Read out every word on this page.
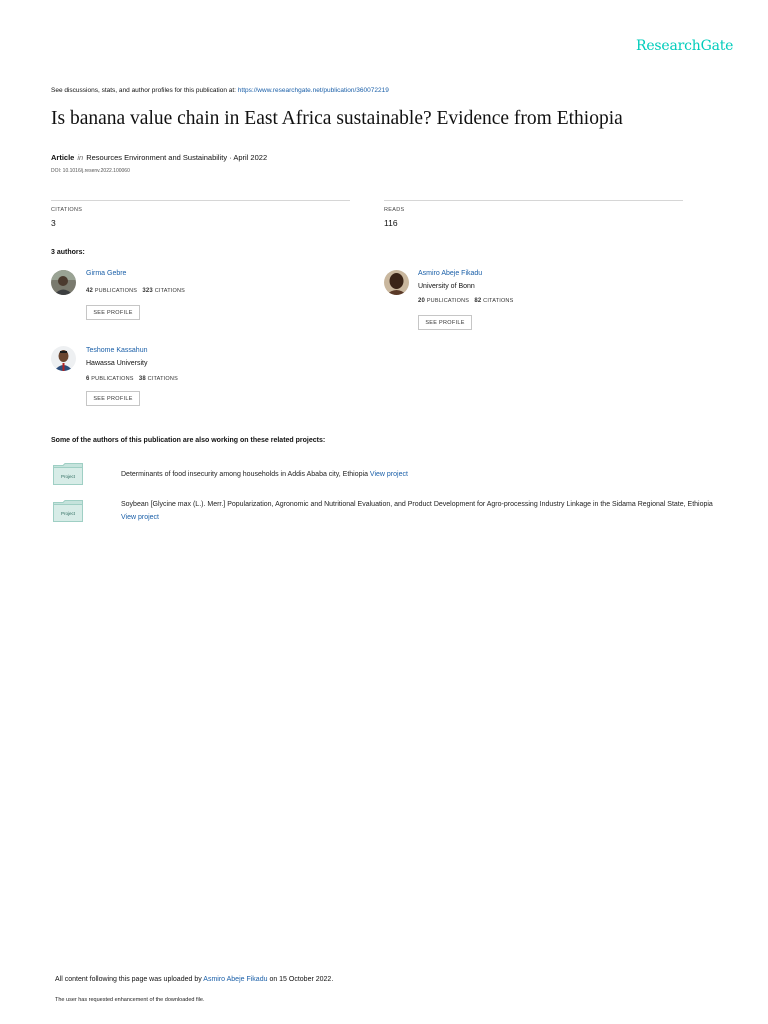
ResearchGate
See discussions, stats, and author profiles for this publication at: https://www.researchgate.net/publication/360072219
Is banana value chain in East Africa sustainable? Evidence from Ethiopia
Article in Resources Environment and Sustainability · April 2022
DOI: 10.1016/j.resenv.2022.100060
CITATIONS
3
READS
116
3 authors:
Girma Gebre
42 PUBLICATIONS 323 CITATIONS
SEE PROFILE
Asmiro Abeje Fikadu
University of Bonn
20 PUBLICATIONS 82 CITATIONS
SEE PROFILE
Teshome Kassahun
Hawassa University
6 PUBLICATIONS 38 CITATIONS
SEE PROFILE
Some of the authors of this publication are also working on these related projects:
Project	Determinants of food insecurity among households in Addis Ababa city, Ethiopia View project
Project
Soybean [Glycine max (L.). Merr.] Popularization, Agronomic and Nutritional Evaluation, and Product Development for Agro-processing Industry Linkage in the Sidama Regional State, Ethiopia View project
All content following this page was uploaded by Asmiro Abeje Fikadu on 15 October 2022.
The user has requested enhancement of the downloaded file.
